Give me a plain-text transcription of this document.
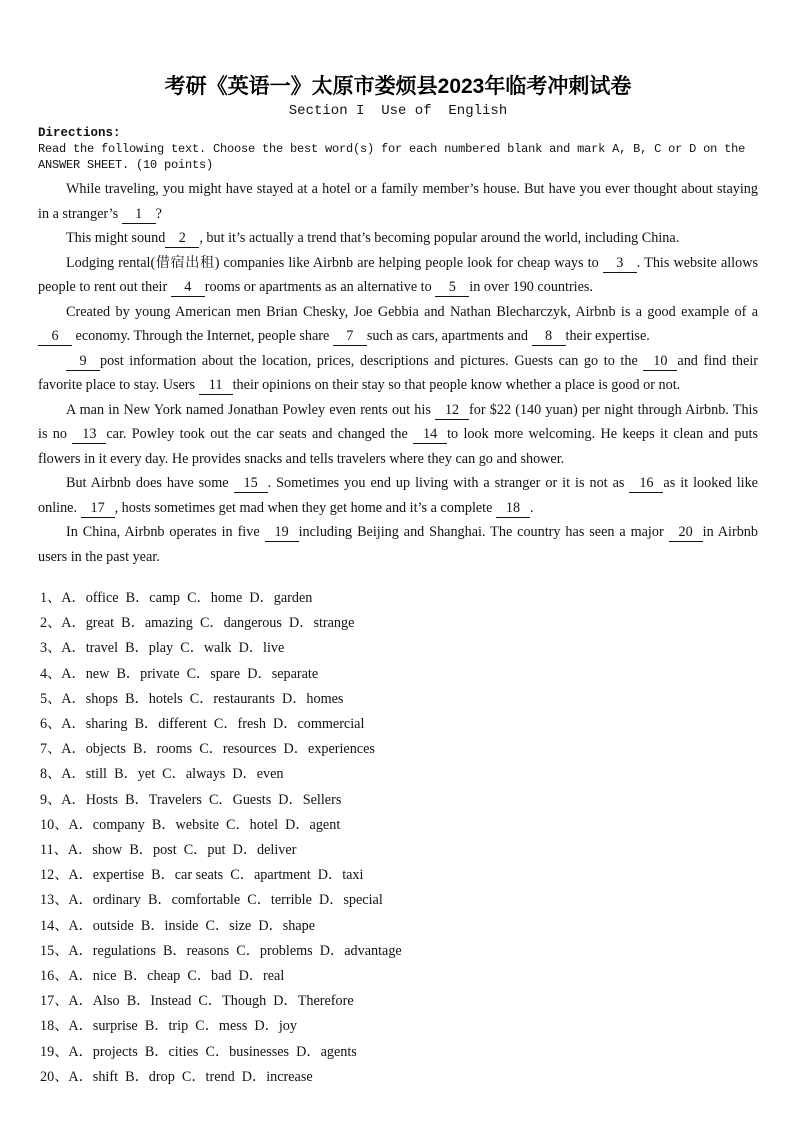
考研《英语一》太原市娄烦县2023年临考冲刺试卷
Section I  Use of  English
Directions:
Read the following text. Choose the best word(s) for each numbered blank and mark A, B, C or D on the ANSWER SHEET. (10 points)

While traveling, you might have stayed at a hotel or a family member’s house. But have you ever thought about staying in a stranger’s 1 ?

This might sound 2 , but it’s actually a trend that’s becoming popular around the world, including China.

Lodging rental(借宿出租) companies like Airbnb are helping people look for cheap ways to 3 . This website allows people to rent out their 4 rooms or apartments as an alternative to 5 in over 190 countries.

Created by young American men Brian Chesky, Joe Gebbia and Nathan Blecharczyk, Airbnb is a good example of a 6 economy. Through the Internet, people share 7 such as cars, apartments and 8 their expertise.

9 post information about the location, prices, descriptions and pictures. Guests can go to the 10 and find their favorite place to stay. Users 11 their opinions on their stay so that people know whether a place is good or not.

A man in New York named Jonathan Powley even rents out his 12 for $22 (140 yuan) per night through Airbnb. This is no 13 car. Powley took out the car seats and changed the 14 to look more welcoming. He keeps it clean and puts flowers in it every day. He provides snacks and tells travelers where they can go and shower.

But Airbnb does have some 15 . Sometimes you end up living with a stranger or it is not as 16 as it looked like online. 17 , hosts sometimes get mad when they get home and it’s a complete 18 .

In China, Airbnb operates in five 19 including Beijing and Shanghai. The country has seen a major 20 in Airbnb users in the past year.

1、A．office  B．camp  C．home  D．garden
2、A．great  B．amazing  C．dangerous  D．strange
3、A．travel  B．play  C．walk  D．live
4、A．new  B．private  C．spare  D．separate
5、A．shops  B．hotels  C．restaurants  D．homes
6、A．sharing  B．different  C．fresh  D．commercial
7、A．objects  B．rooms  C．resources  D．experiences
8、A．still  B．yet  C．always  D．even
9、A．Hosts  B．Travelers  C．Guests  D．Sellers
10、A．company  B．website  C．hotel  D．agent
11、A．show  B．post  C．put  D．deliver
12、A．expertise  B．car seats  C．apartment  D．taxi
13、A．ordinary  B．comfortable  C．terrible  D．special
14、A．outside  B．inside  C．size  D．shape
15、A．regulations  B．reasons  C．problems  D．advantage
16、A．nice  B．cheap  C．bad  D．real
17、A．Also  B．Instead  C．Though  D．Therefore
18、A．surprise  B．trip  C．mess  D．joy
19、A．projects  B．cities  C．businesses  D．agents
20、A．shift  B．drop  C．trend  D．increase
